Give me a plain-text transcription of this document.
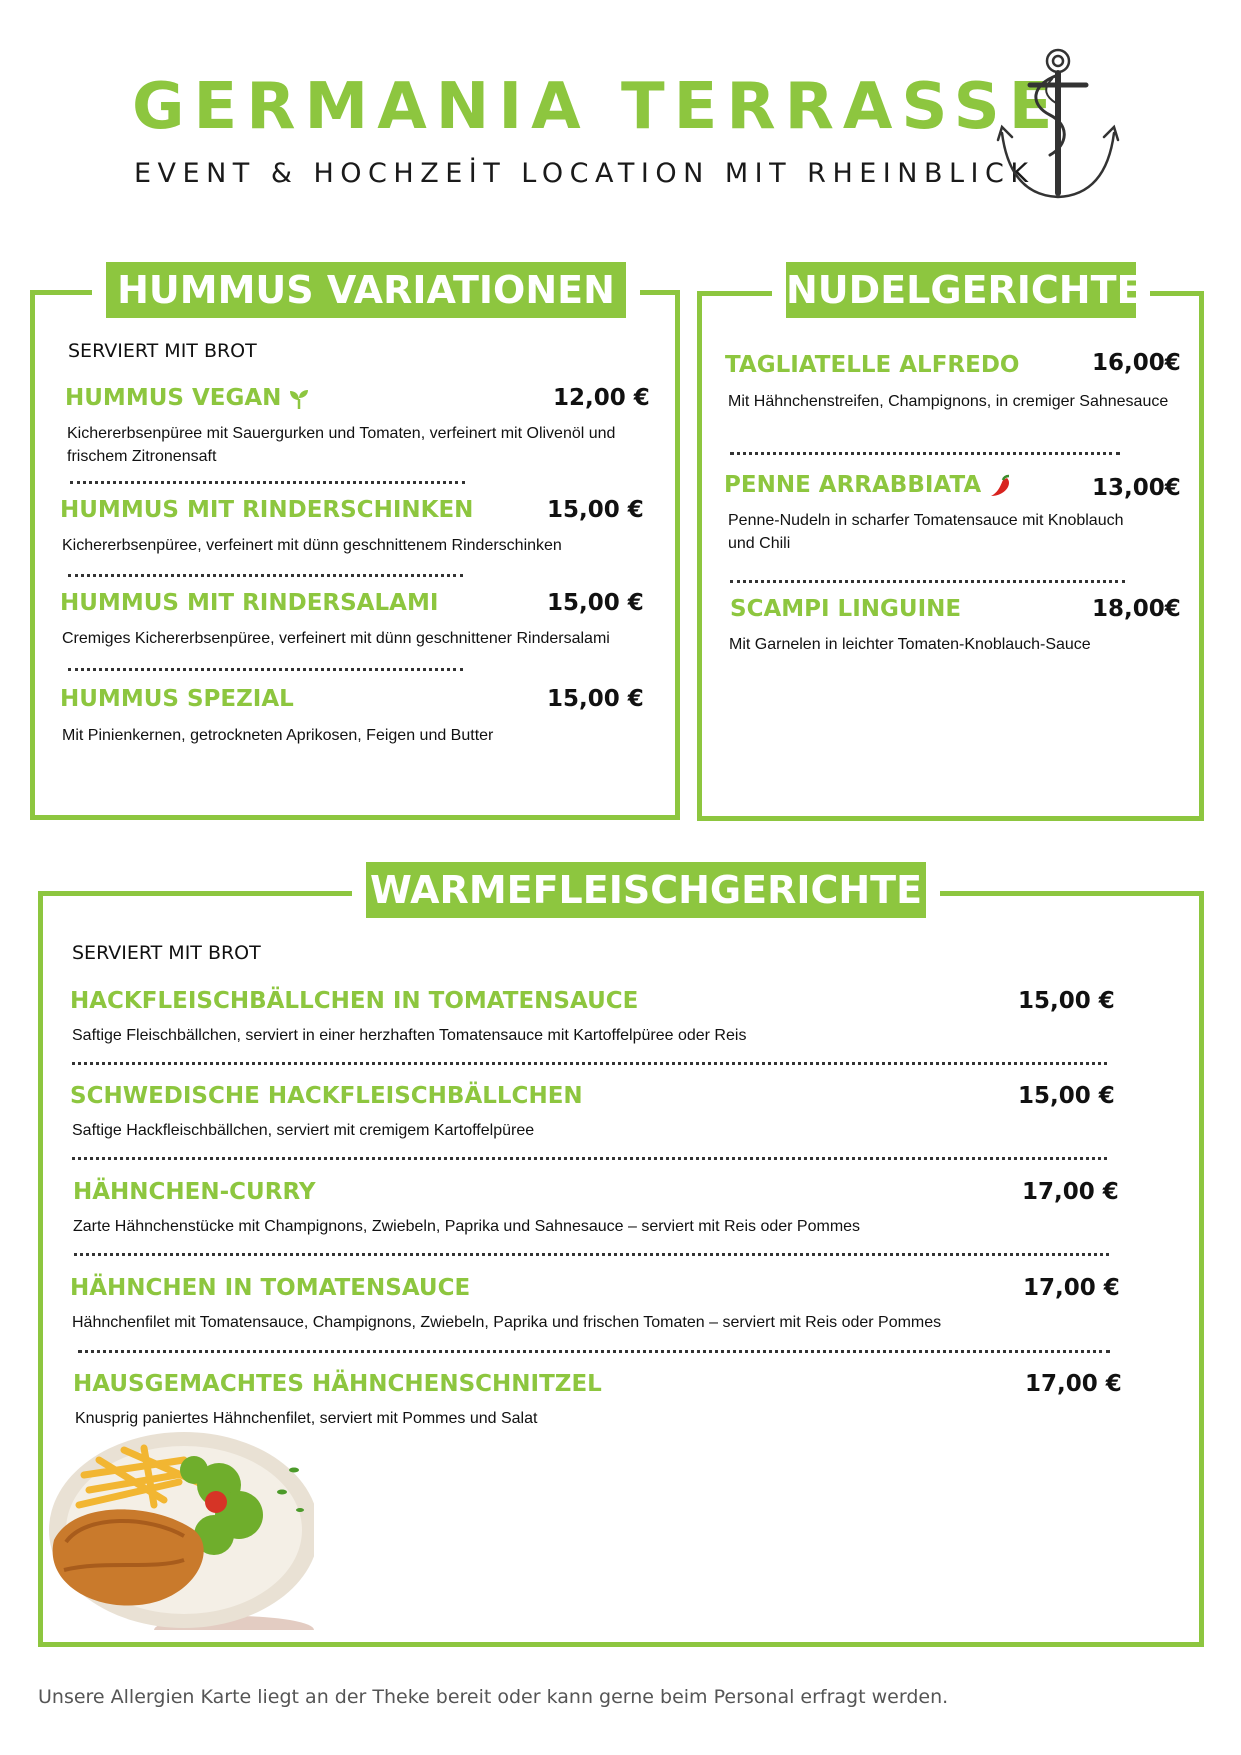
GERMANIA TERRASSE
EVENT & HOCHZEİT LOCATION MIT RHEINBLICK
HUMMUS VARIATIONEN
SERVIERT MIT BROT
HUMMUS VEGAN	12,00 €
Kichererbsenpüree mit Sauergurken und Tomaten, verfeinert mit Olivenöl und frischem Zitronensaft
HUMMUS MIT RINDERSCHINKEN	15,00 €
Kichererbsenpüree, verfeinert mit dünn geschnittenem Rinderschinken
HUMMUS MIT RINDERSALAMI	15,00 €
Cremiges Kichererbsenpüree, verfeinert mit dünn geschnittener Rindersalami
HUMMUS SPEZIAL	15,00 €
Mit Pinienkernen, getrockneten Aprikosen, Feigen und Butter
NUDELGERICHTE
TAGLIATELLE ALFREDO	16,00€
Mit Hähnchenstreifen, Champignons, in cremiger Sahnesauce
PENNE ARRABBIATA	13,00€
Penne-Nudeln in scharfer Tomatensauce mit Knoblauch und Chili
SCAMPI LINGUINE	18,00€
Mit Garnelen in leichter Tomaten-Knoblauch-Sauce
WARMEFLEISCHGERICHTE
SERVIERT MIT BROT
HACKFLEISCHBÄLLCHEN IN TOMATENSAUCE	15,00 €
Saftige Fleischbällchen, serviert in einer herzhaften Tomatensauce mit Kartoffelpüree oder Reis
SCHWEDISCHE HACKFLEISCHBÄLLCHEN	15,00 €
Saftige Hackfleischbällchen, serviert mit cremigem Kartoffelpüree
HÄHNCHEN-CURRY	17,00 €
Zarte Hähnchenstücke mit Champignons, Zwiebeln, Paprika und Sahnesauce – serviert mit Reis oder Pommes
HÄHNCHEN IN TOMATENSAUCE	17,00 €
Hähnchenfilet mit Tomatensauce, Champignons, Zwiebeln, Paprika und frischen Tomaten – serviert mit Reis oder Pommes
HAUSGEMACHTES HÄHNCHENSCHNITZEL	17,00 €
Knusprig paniertes Hähnchenfilet, serviert mit Pommes und Salat
Unsere Allergien Karte liegt an der Theke bereit oder kann gerne beim Personal erfragt werden.
